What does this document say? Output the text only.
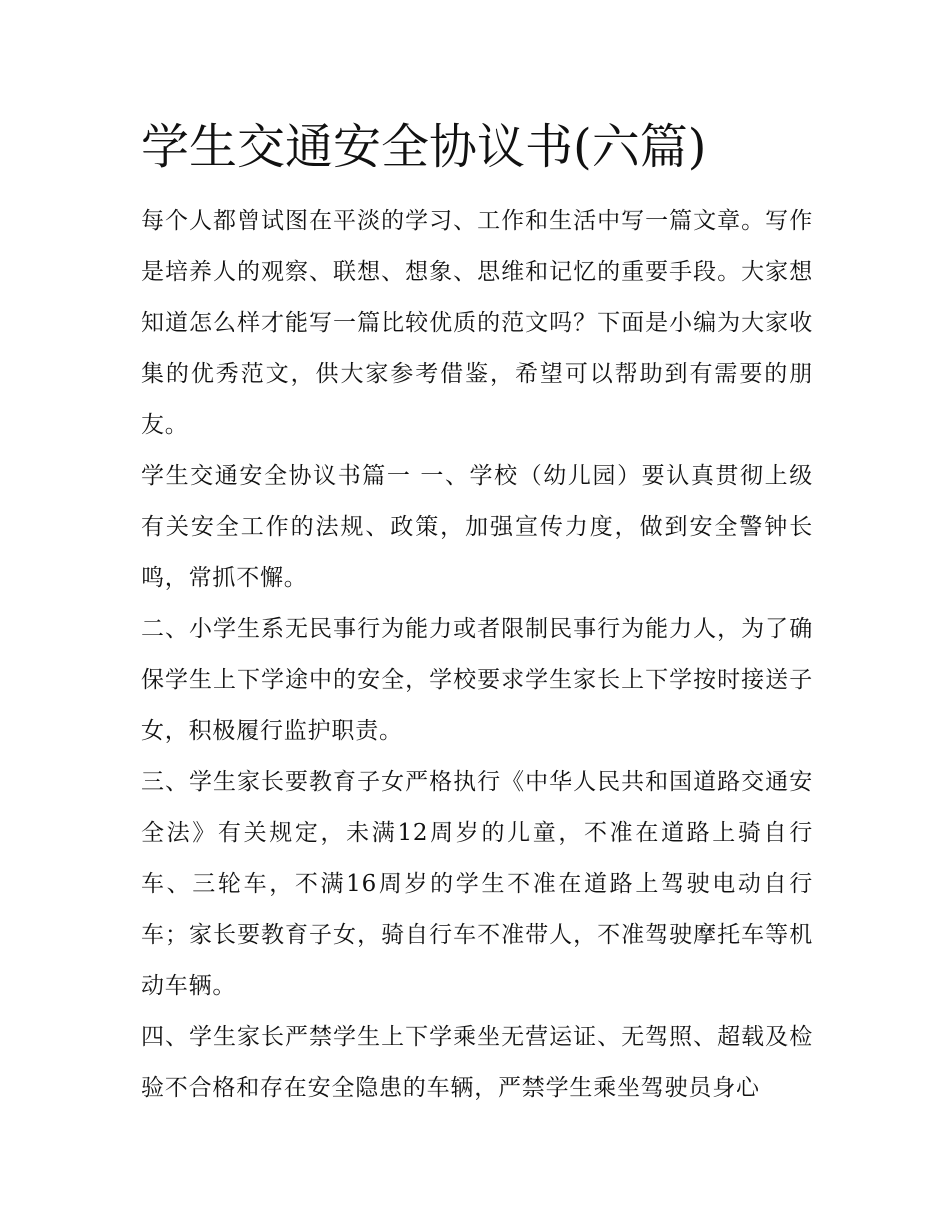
学生交通安全协议书(六篇)

每个人都曾试图在平淡的学习、工作和生活中写一篇文章。写作是培养人的观察、联想、想象、思维和记忆的重要手段。大家想知道怎么样才能写一篇比较优质的范文吗？下面是小编为大家收集的优秀范文，供大家参考借鉴，希望可以帮助到有需要的朋友。

学生交通安全协议书篇一 一、学校（幼儿园）要认真贯彻上级有关安全工作的法规、政策，加强宣传力度，做到安全警钟长鸣，常抓不懈。

二、小学生系无民事行为能力或者限制民事行为能力人，为了确保学生上下学途中的安全，学校要求学生家长上下学按时接送子女，积极履行监护职责。

三、学生家长要教育子女严格执行《中华人民共和国道路交通安全法》有关规定，未满12周岁的儿童，不准在道路上骑自行车、三轮车，不满16周岁的学生不准在道路上驾驶电动自行车；家长要教育子女，骑自行车不准带人，不准驾驶摩托车等机动车辆。

四、学生家长严禁学生上下学乘坐无营运证、无驾照、超载及检验不合格和存在安全隐患的车辆，严禁学生乘坐驾驶员身心
